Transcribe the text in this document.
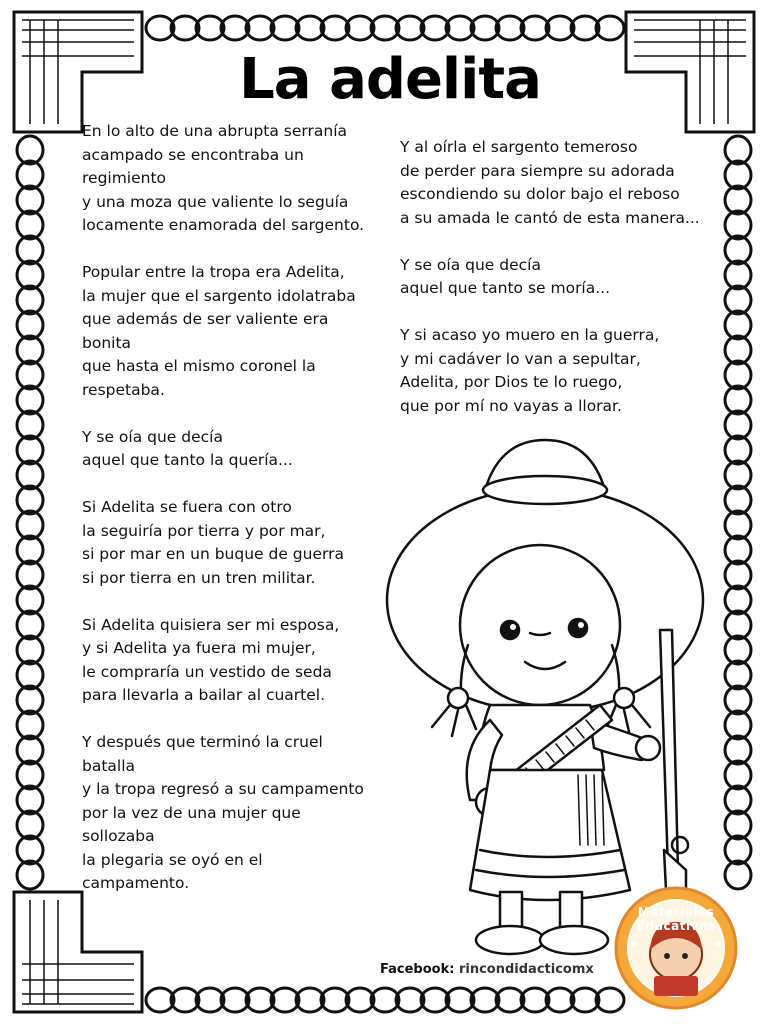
La adelita
En lo alto de una abrupta serranía
acampado se encontraba un
regimiento
y una moza que valiente lo seguía
locamente enamorada del sargento.
Popular entre la tropa era Adelita,
la mujer que el sargento idolatraba
que además de ser valiente era
bonita
que hasta el mismo coronel la
respetaba.
Y se oía que decía
aquel que tanto la quería...
Si Adelita se fuera con otro
la seguiría por tierra y por mar,
si por mar en un buque de guerra
si por tierra en un tren militar.
Si Adelita quisiera ser mi esposa,
y si Adelita ya fuera mi mujer,
le compraría un vestido de seda
para llevarla a bailar al cuartel.
Y después que terminó la cruel
batalla
y la tropa regresó a su campamento
por la vez de una mujer que
sollozaba
la plegaria se oyó en el
campamento.
Y al oírla el sargento temeroso
de perder para siempre su adorada
escondiendo su dolor bajo el reboso
a su amada le cantó de esta manera...
Y se oía que decía
aquel que tanto se moría...
Y si acaso yo muero en la guerra,
y mi cadáver lo van a sepultar,
Adelita, por Dios te lo ruego,
que por mí no vayas a llorar.
Facebook: rincondidacticomx
Materiales Educativos
